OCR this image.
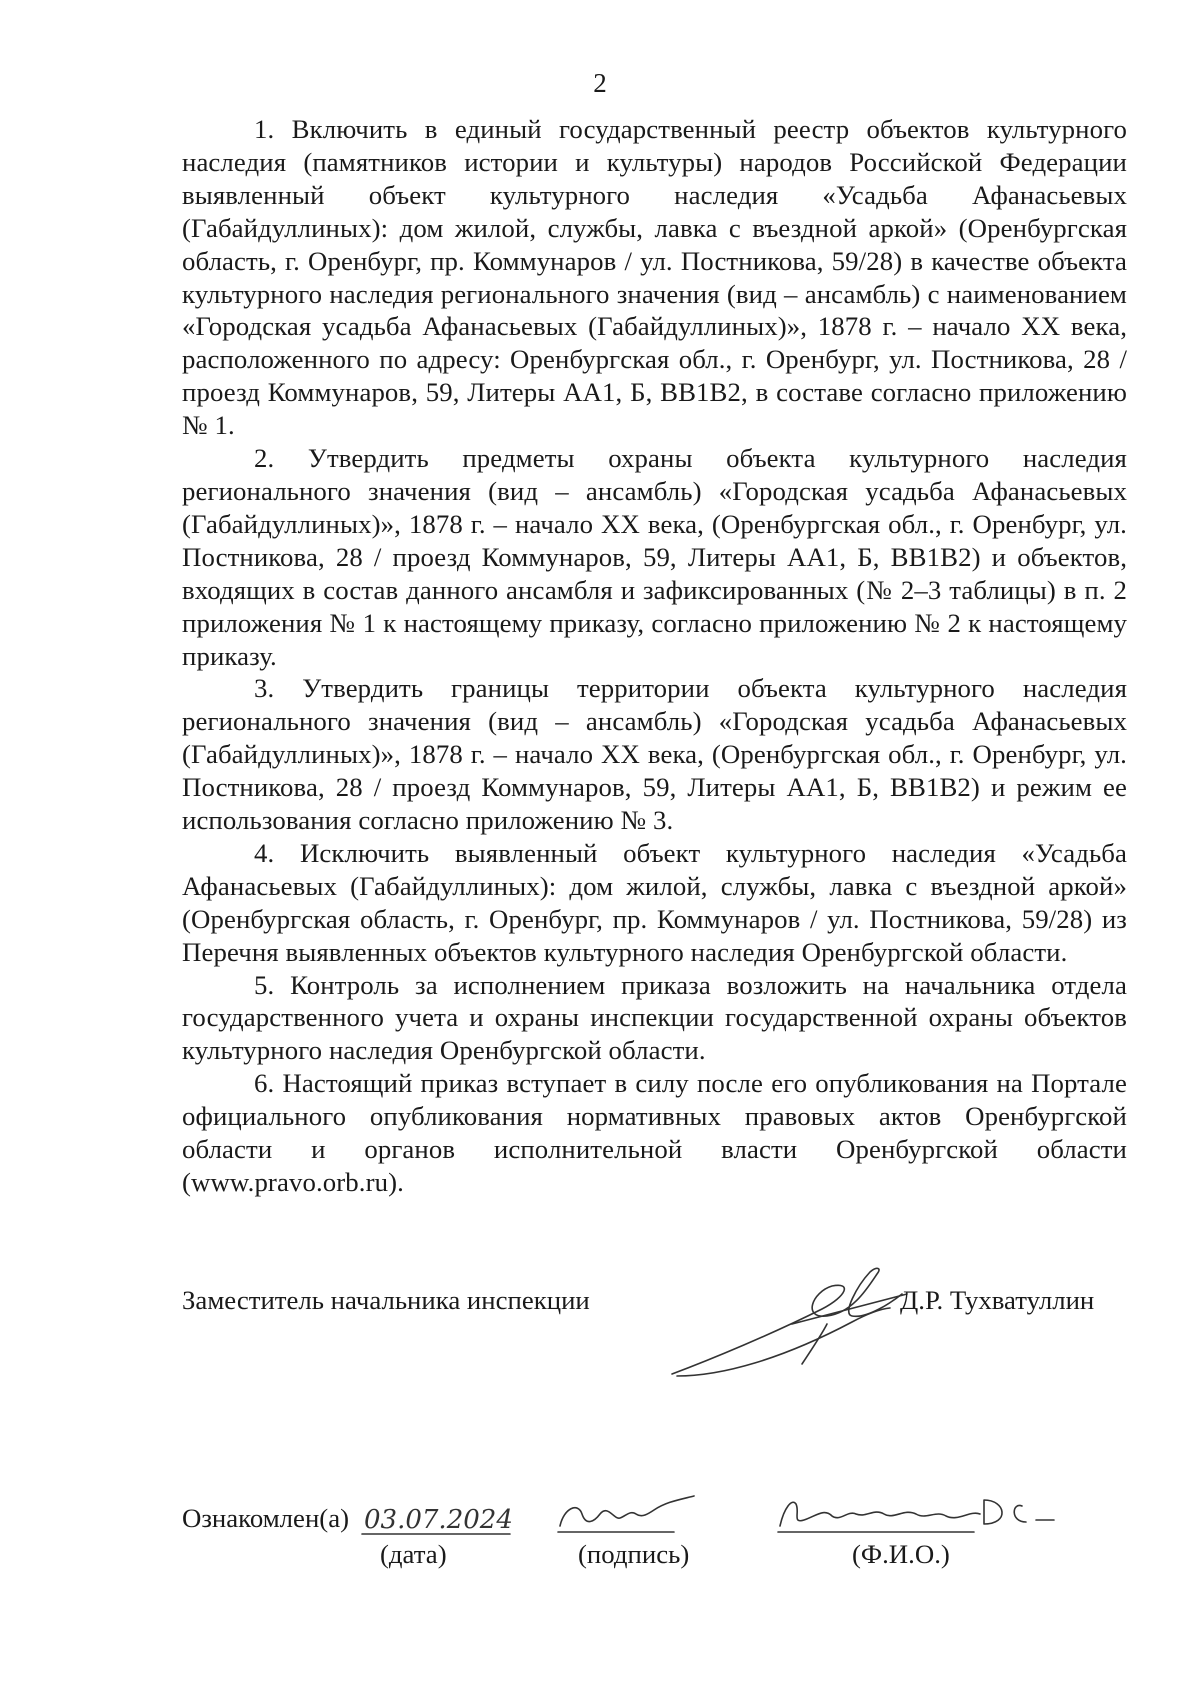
2

1. Включить в единый государственный реестр объектов культурного наследия (памятников истории и культуры) народов Российской Федерации выявленный объект культурного наследия «Усадьба Афанасьевых (Габайдуллиных): дом жилой, службы, лавка с въездной аркой» (Оренбургская область, г. Оренбург, пр. Коммунаров / ул. Постникова, 59/28) в качестве объекта культурного наследия регионального значения (вид – ансамбль) с наименованием «Городская усадьба Афанасьевых (Габайдуллиных)», 1878 г. – начало XX века, расположенного по адресу: Оренбургская обл., г. Оренбург, ул. Постникова, 28 / проезд Коммунаров, 59, Литеры АА1, Б, ВВ1В2, в составе согласно приложению № 1.

2. Утвердить предметы охраны объекта культурного наследия регионального значения (вид – ансамбль) «Городская усадьба Афанасьевых (Габайдуллиных)», 1878 г. – начало XX века, (Оренбургская обл., г. Оренбург, ул. Постникова, 28 / проезд Коммунаров, 59, Литеры АА1, Б, ВВ1В2) и объектов, входящих в состав данного ансамбля и зафиксированных (№ 2–3 таблицы) в п. 2 приложения № 1 к настоящему приказу, согласно приложению № 2 к настоящему приказу.

3. Утвердить границы территории объекта культурного наследия регионального значения (вид – ансамбль) «Городская усадьба Афанасьевых (Габайдуллиных)», 1878 г. – начало XX века, (Оренбургская обл., г. Оренбург, ул. Постникова, 28 / проезд Коммунаров, 59, Литеры АА1, Б, ВВ1В2) и режим ее использования согласно приложению № 3.

4. Исключить выявленный объект культурного наследия «Усадьба Афанасьевых (Габайдуллиных): дом жилой, службы, лавка с въездной аркой» (Оренбургская область, г. Оренбург, пр. Коммунаров / ул. Постникова, 59/28) из Перечня выявленных объектов культурного наследия Оренбургской области.

5. Контроль за исполнением приказа возложить на начальника отдела государственного учета и охраны инспекции государственной охраны объектов культурного наследия Оренбургской области.

6. Настоящий приказ вступает в силу после его опубликования на Портале официального опубликования нормативных правовых актов Оренбургской области и органов исполнительной власти Оренбургской области (www.pravo.orb.ru).

Заместитель начальника инспекции	Д.Р. Тухватуллин
Ознакомлен(а) 03.07.2024
(дата)	(подпись)	(Ф.И.О.)
